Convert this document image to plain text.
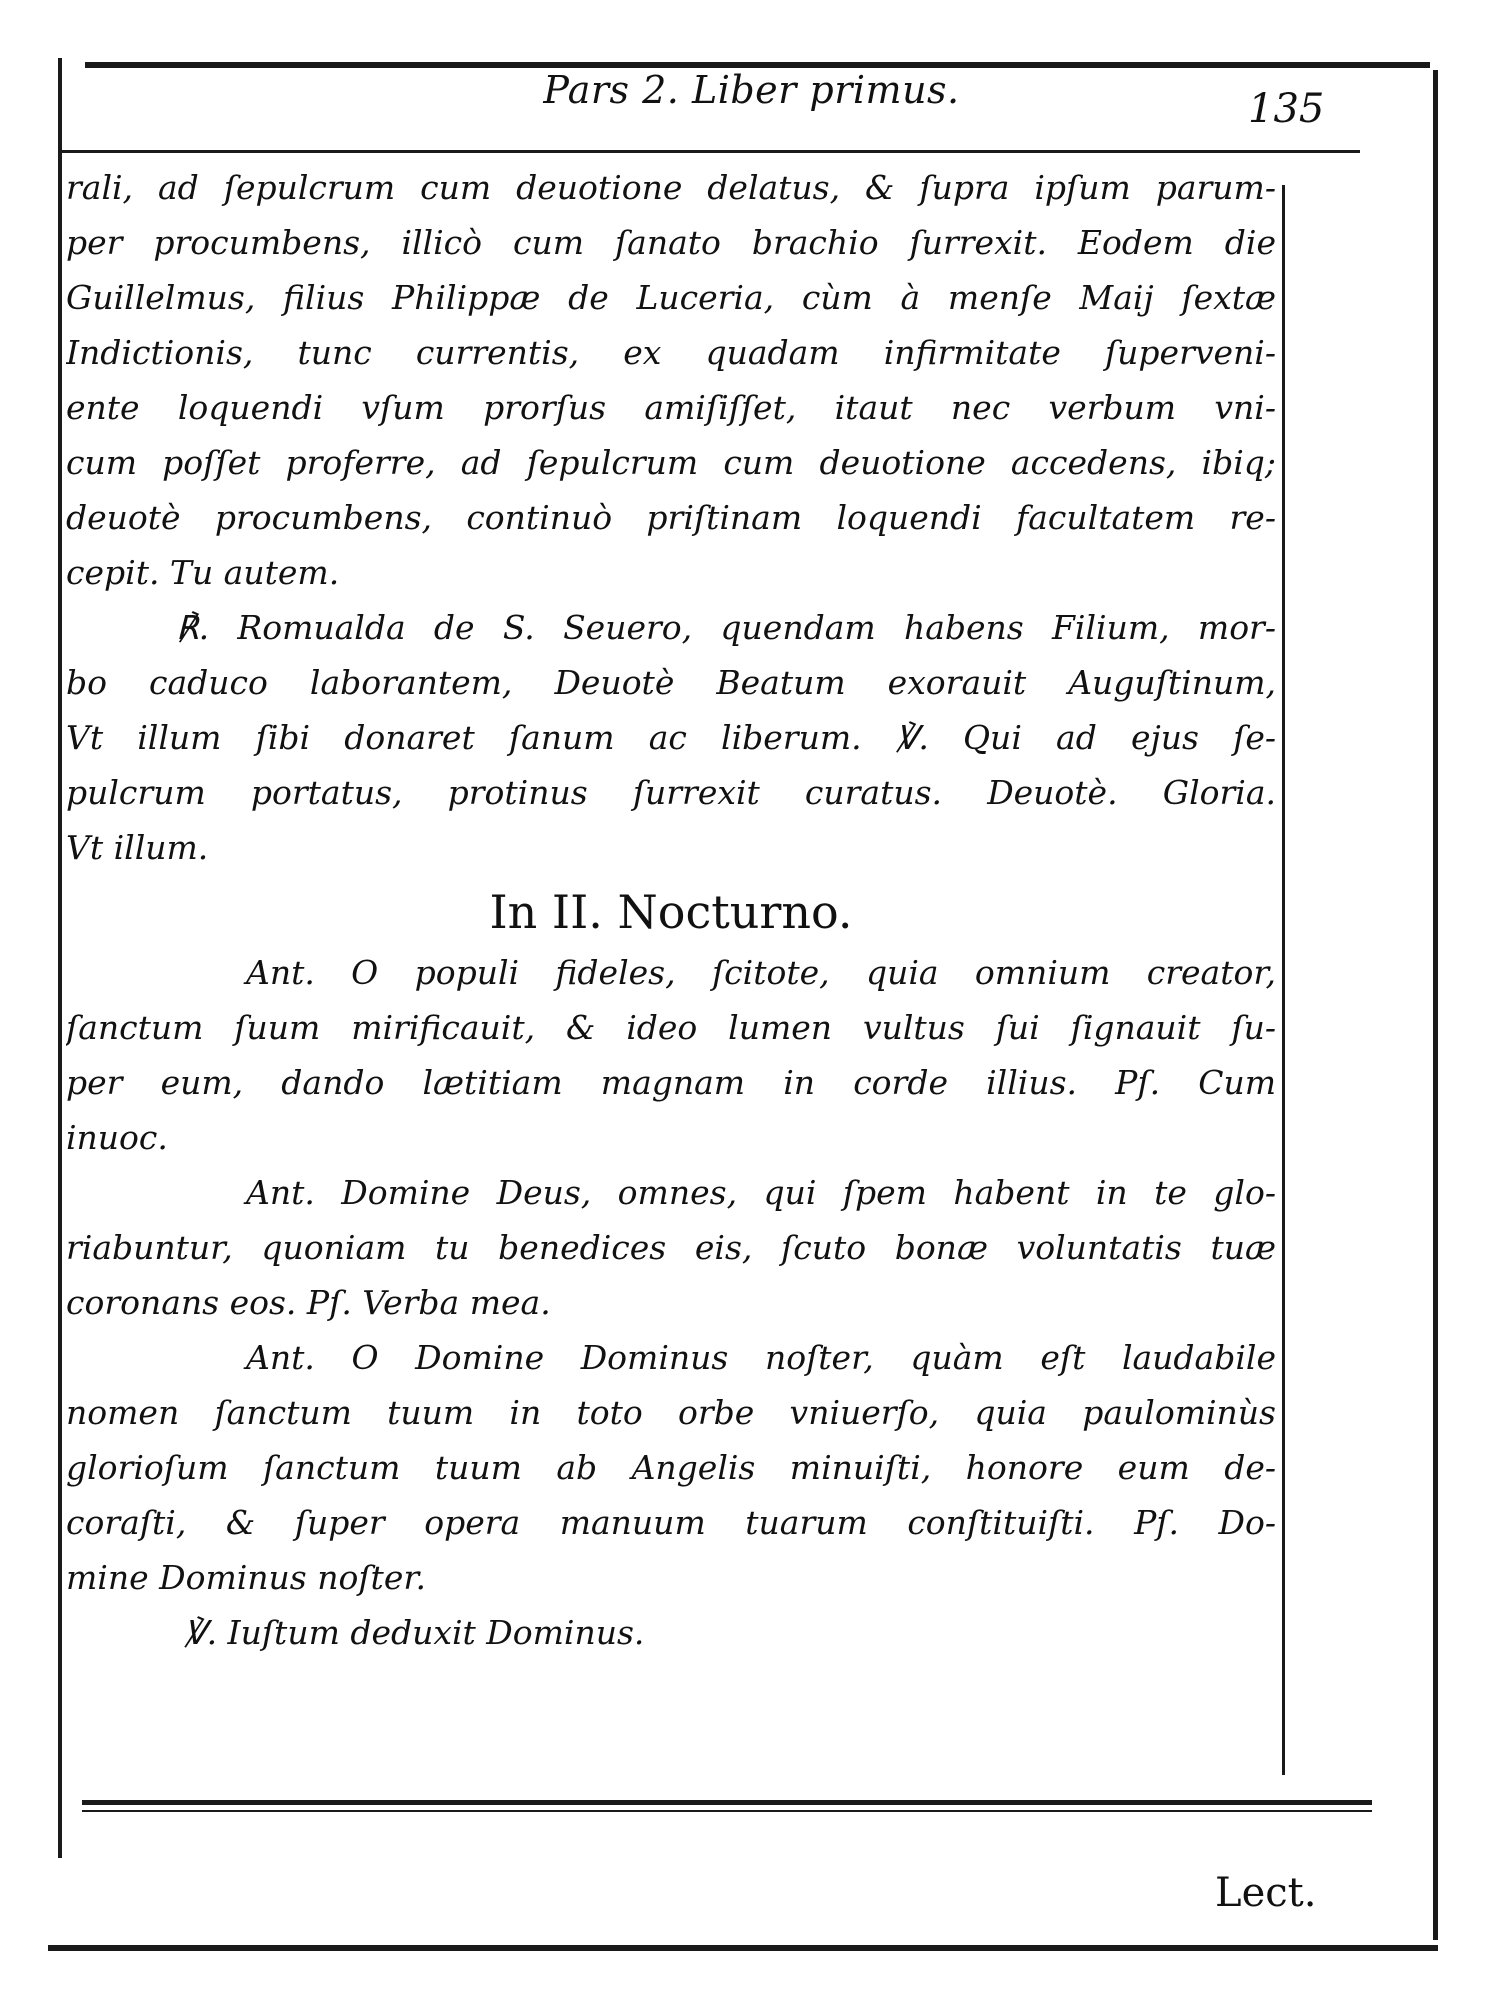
Pars 2. Liber primus.	135
rali, ad ſepulcrum cum deuotione delatus, & ſupra ipſum parum-
per procumbens, illicò cum ſanato brachio ſurrexit. Eodem die
Guillelmus, filius Philippæ de Luceria, cùm à menſe Maij ſextæ
Indictionis, tunc currentis, ex quadam infirmitate ſuperveni-
ente loquendi vſum prorſus amiſiſſet, itaut nec verbum vni-
cum poſſet proferre, ad ſepulcrum cum deuotione accedens, ibiq;
deuotè procumbens, continuò priſtinam loquendi facultatem re-
cepit. Tu autem.
℟. Romualda de S. Seuero, quendam habens Filium, mor-
bo caduco laborantem, Deuotè Beatum exorauit Auguſtinum,
Vt illum ſibi donaret ſanum ac liberum. ℣. Qui ad ejus ſe-
pulcrum portatus, protinus ſurrexit curatus. Deuotè. Gloria.
Vt illum.
In II. Nocturno.
Ant. O populi fideles, ſcitote, quia omnium creator,
ſanctum ſuum mirificauit, & ideo lumen vultus ſui ſignauit ſu-
per eum, dando lætitiam magnam in corde illius. Pſ. Cum
inuoc.
Ant. Domine Deus, omnes, qui ſpem habent in te glo-
riabuntur, quoniam tu benedices eis, ſcuto bonæ voluntatis tuæ
coronans eos. Pſ. Verba mea.
Ant. O Domine Dominus noſter, quàm eſt laudabile
nomen ſanctum tuum in toto orbe vniuerſo, quia paulominùs
glorioſum ſanctum tuum ab Angelis minuiſti, honore eum de-
coraſti, & ſuper opera manuum tuarum conſtituiſti. Pſ. Do-
mine Dominus noſter.
℣. Iuſtum deduxit Dominus.
Lect.
